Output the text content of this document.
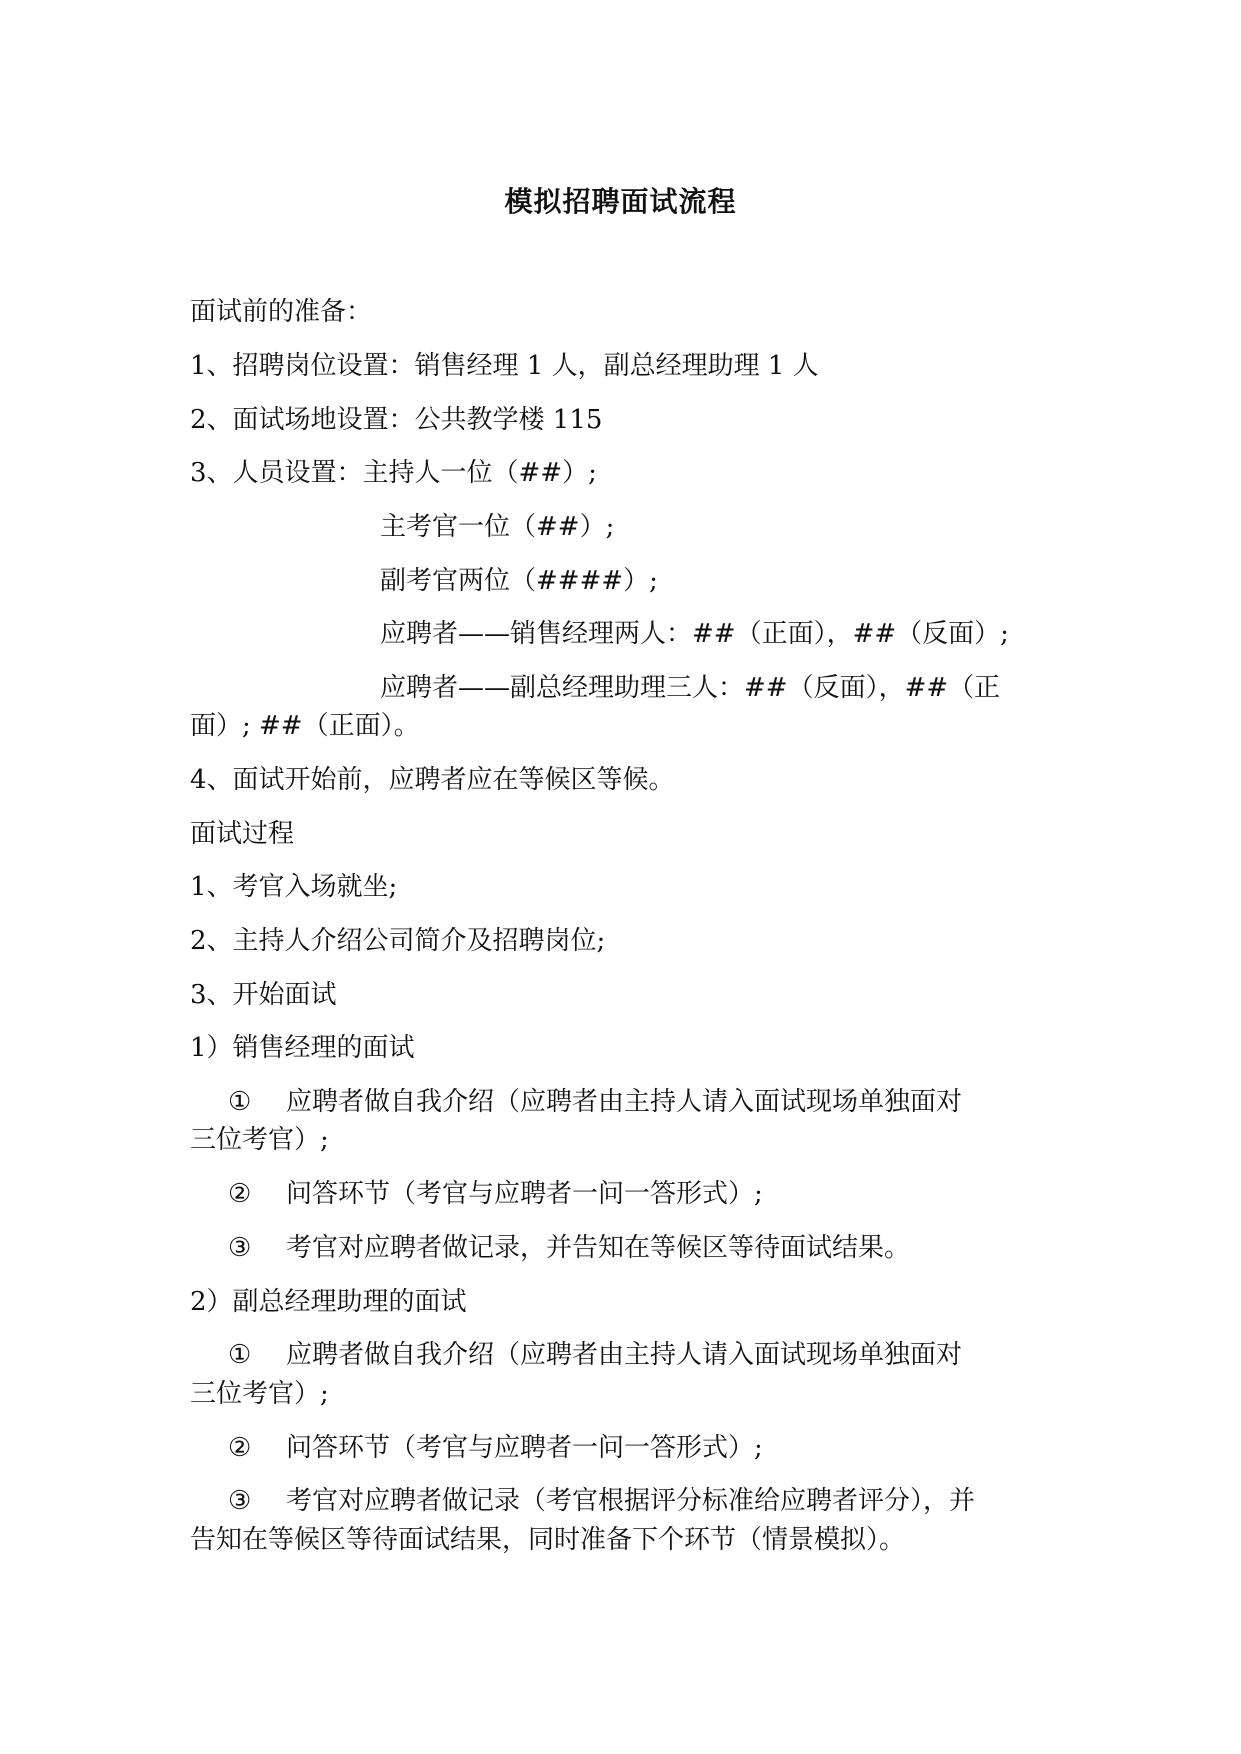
模拟招聘面试流程
面试前的准备：
1、招聘岗位设置：销售经理 1 人，副总经理助理 1 人
2、面试场地设置：公共教学楼 115
3、人员设置：主持人一位（##）;
主考官一位（##）;
副考官两位（####）;
应聘者——销售经理两人：##（正面），##（反面）;
应聘者——副总经理助理三人：##（反面），##（正
面）; ##（正面）。
4、面试开始前，应聘者应在等候区等候。
面试过程
1、考官入场就坐;
2、主持人介绍公司简介及招聘岗位;
3、开始面试
1）销售经理的面试
① 应聘者做自我介绍（应聘者由主持人请入面试现场单独面对
三位考官）;
② 问答环节（考官与应聘者一问一答形式）;
③ 考官对应聘者做记录，并告知在等候区等待面试结果。
2）副总经理助理的面试
① 应聘者做自我介绍（应聘者由主持人请入面试现场单独面对
三位考官）;
② 问答环节（考官与应聘者一问一答形式）;
③ 考官对应聘者做记录（考官根据评分标准给应聘者评分），并
告知在等候区等待面试结果，同时准备下个环节（情景模拟）。
